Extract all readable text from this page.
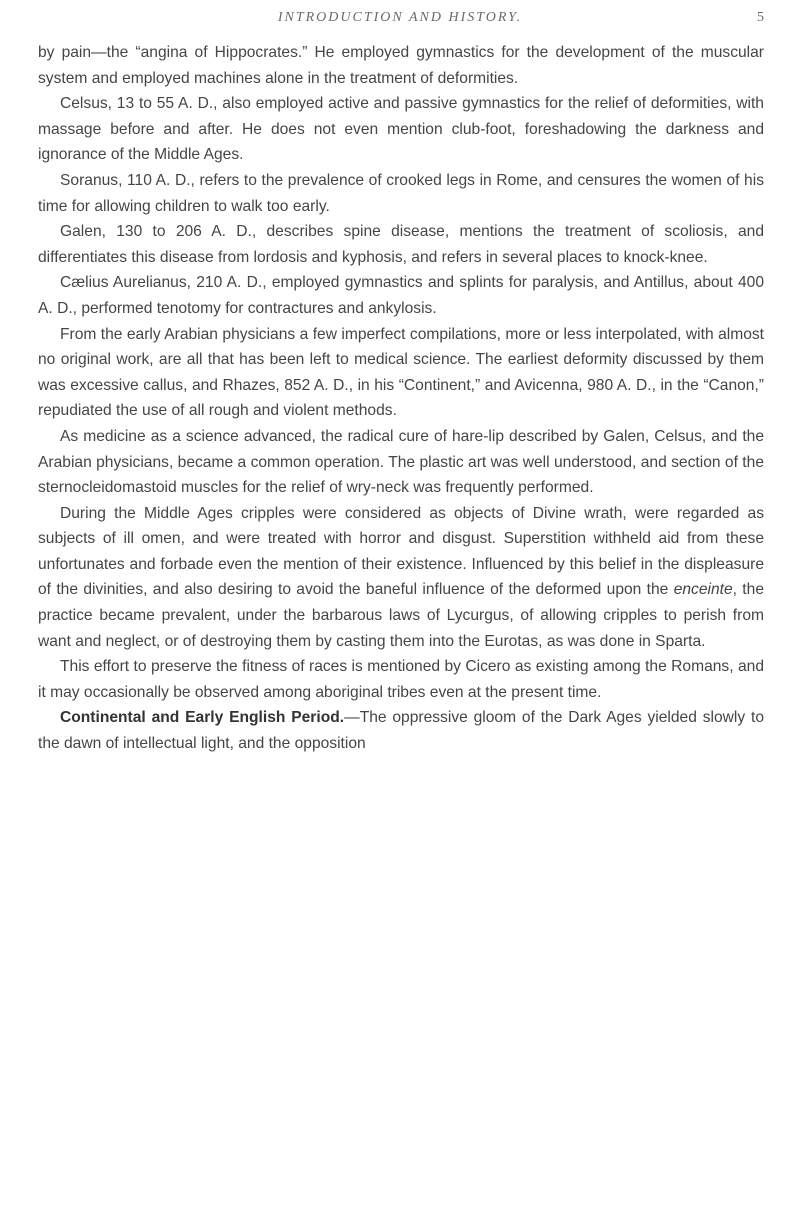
INTRODUCTION AND HISTORY.	5

by pain—the “angina of Hippocrates.” He employed gymnastics for the development of the muscular system and employed machines alone in the treatment of deformities.

Celsus, 13 to 55 A. D., also employed active and passive gymnastics for the relief of deformities, with massage before and after. He does not even mention club-foot, foreshadowing the darkness and ignorance of the Middle Ages.

Soranus, 110 A. D., refers to the prevalence of crooked legs in Rome, and censures the women of his time for allowing children to walk too early.

Galen, 130 to 206 A. D., describes spine disease, mentions the treatment of scoliosis, and differentiates this disease from lordosis and kyphosis, and refers in several places to knock-knee.

Cælius Aurelianus, 210 A. D., employed gymnastics and splints for paralysis, and Antillus, about 400 A. D., performed tenotomy for contractures and ankylosis.

From the early Arabian physicians a few imperfect compilations, more or less interpolated, with almost no original work, are all that has been left to medical science. The earliest deformity discussed by them was excessive callus, and Rhazes, 852 A. D., in his “Continent,” and Avicenna, 980 A. D., in the “Canon,” repudiated the use of all rough and violent methods.

As medicine as a science advanced, the radical cure of hare-lip described by Galen, Celsus, and the Arabian physicians, became a common operation. The plastic art was well understood, and section of the sternocleidomastoid muscles for the relief of wry-neck was frequently performed.

During the Middle Ages cripples were considered as objects of Divine wrath, were regarded as subjects of ill omen, and were treated with horror and disgust. Superstition withheld aid from these unfortunates and forbade even the mention of their existence. Influenced by this belief in the displeasure of the divinities, and also desiring to avoid the baneful influence of the deformed upon the enceinte, the practice became prevalent, under the barbarous laws of Lycurgus, of allowing cripples to perish from want and neglect, or of destroying them by casting them into the Eurotas, as was done in Sparta.

This effort to preserve the fitness of races is mentioned by Cicero as existing among the Romans, and it may occasionally be observed among aboriginal tribes even at the present time.

Continental and Early English Period.—The oppressive gloom of the Dark Ages yielded slowly to the dawn of intellectual light, and the opposition
